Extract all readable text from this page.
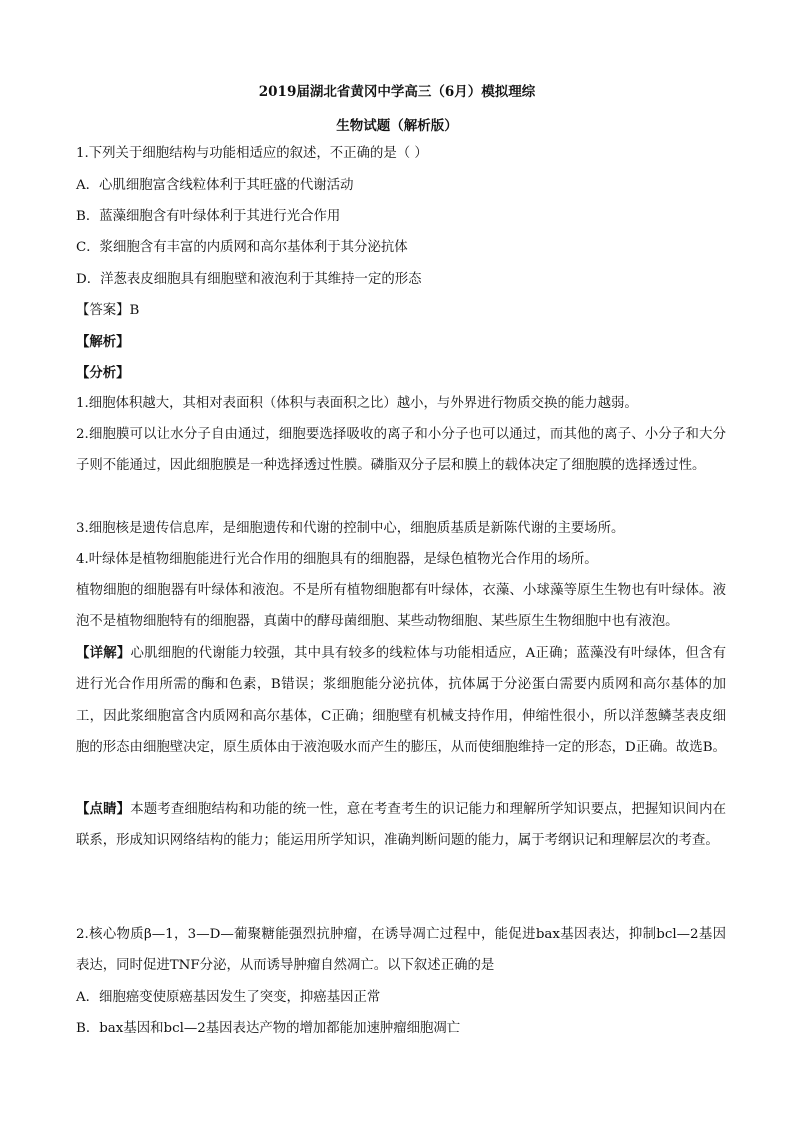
2019届湖北省黄冈中学高三（6月）模拟理综
生物试题（解析版）
1.下列关于细胞结构与功能相适应的叙述，不正确的是（ ）
A．心肌细胞富含线粒体利于其旺盛的代谢活动
B．蓝藻细胞含有叶绿体利于其进行光合作用
C．浆细胞含有丰富的内质网和高尔基体利于其分泌抗体
D．洋葱表皮细胞具有细胞壁和液泡利于其维持一定的形态
【答案】B
【解析】
【分析】
1.细胞体积越大，其相对表面积（体积与表面积之比）越小，与外界进行物质交换的能力越弱。
2.细胞膜可以让水分子自由通过，细胞要选择吸收的离子和小分子也可以通过，而其他的离子、小分子和大分子则不能通过，因此细胞膜是一种选择透过性膜。磷脂双分子层和膜上的载体决定了细胞膜的选择透过性。
3.细胞核是遗传信息库，是细胞遗传和代谢的控制中心，细胞质基质是新陈代谢的主要场所。
4.叶绿体是植物细胞能进行光合作用的细胞具有的细胞器，是绿色植物光合作用的场所。
植物细胞的细胞器有叶绿体和液泡。不是所有植物细胞都有叶绿体，衣藻、小球藻等原生生物也有叶绿体。液泡不是植物细胞特有的细胞器，真菌中的酵母菌细胞、某些动物细胞、某些原生生物细胞中也有液泡。
【详解】心肌细胞的代谢能力较强，其中具有较多的线粒体与功能相适应，A正确；蓝藻没有叶绿体，但含有进行光合作用所需的酶和色素，B错误；浆细胞能分泌抗体，抗体属于分泌蛋白需要内质网和高尔基体的加工，因此浆细胞富含内质网和高尔基体，C正确；细胞壁有机械支持作用，伸缩性很小，所以洋葱鳞茎表皮细胞的形态由细胞壁决定，原生质体由于液泡吸水而产生的膨压，从而使细胞维持一定的形态，D正确。故选B。
【点睛】本题考查细胞结构和功能的统一性，意在考查考生的识记能力和理解所学知识要点，把握知识间内在联系，形成知识网络结构的能力；能运用所学知识，准确判断问题的能力，属于考纲识记和理解层次的考查。
2.核心物质β—1，3—D—葡聚糖能强烈抗肿瘤，在诱导凋亡过程中，能促进bax基因表达，抑制bcl—2基因表达，同时促进TNF分泌，从而诱导肿瘤自然凋亡。以下叙述正确的是
A．细胞癌变使原癌基因发生了突变，抑癌基因正常
B．bax基因和bcl—2基因表达产物的增加都能加速肿瘤细胞凋亡
